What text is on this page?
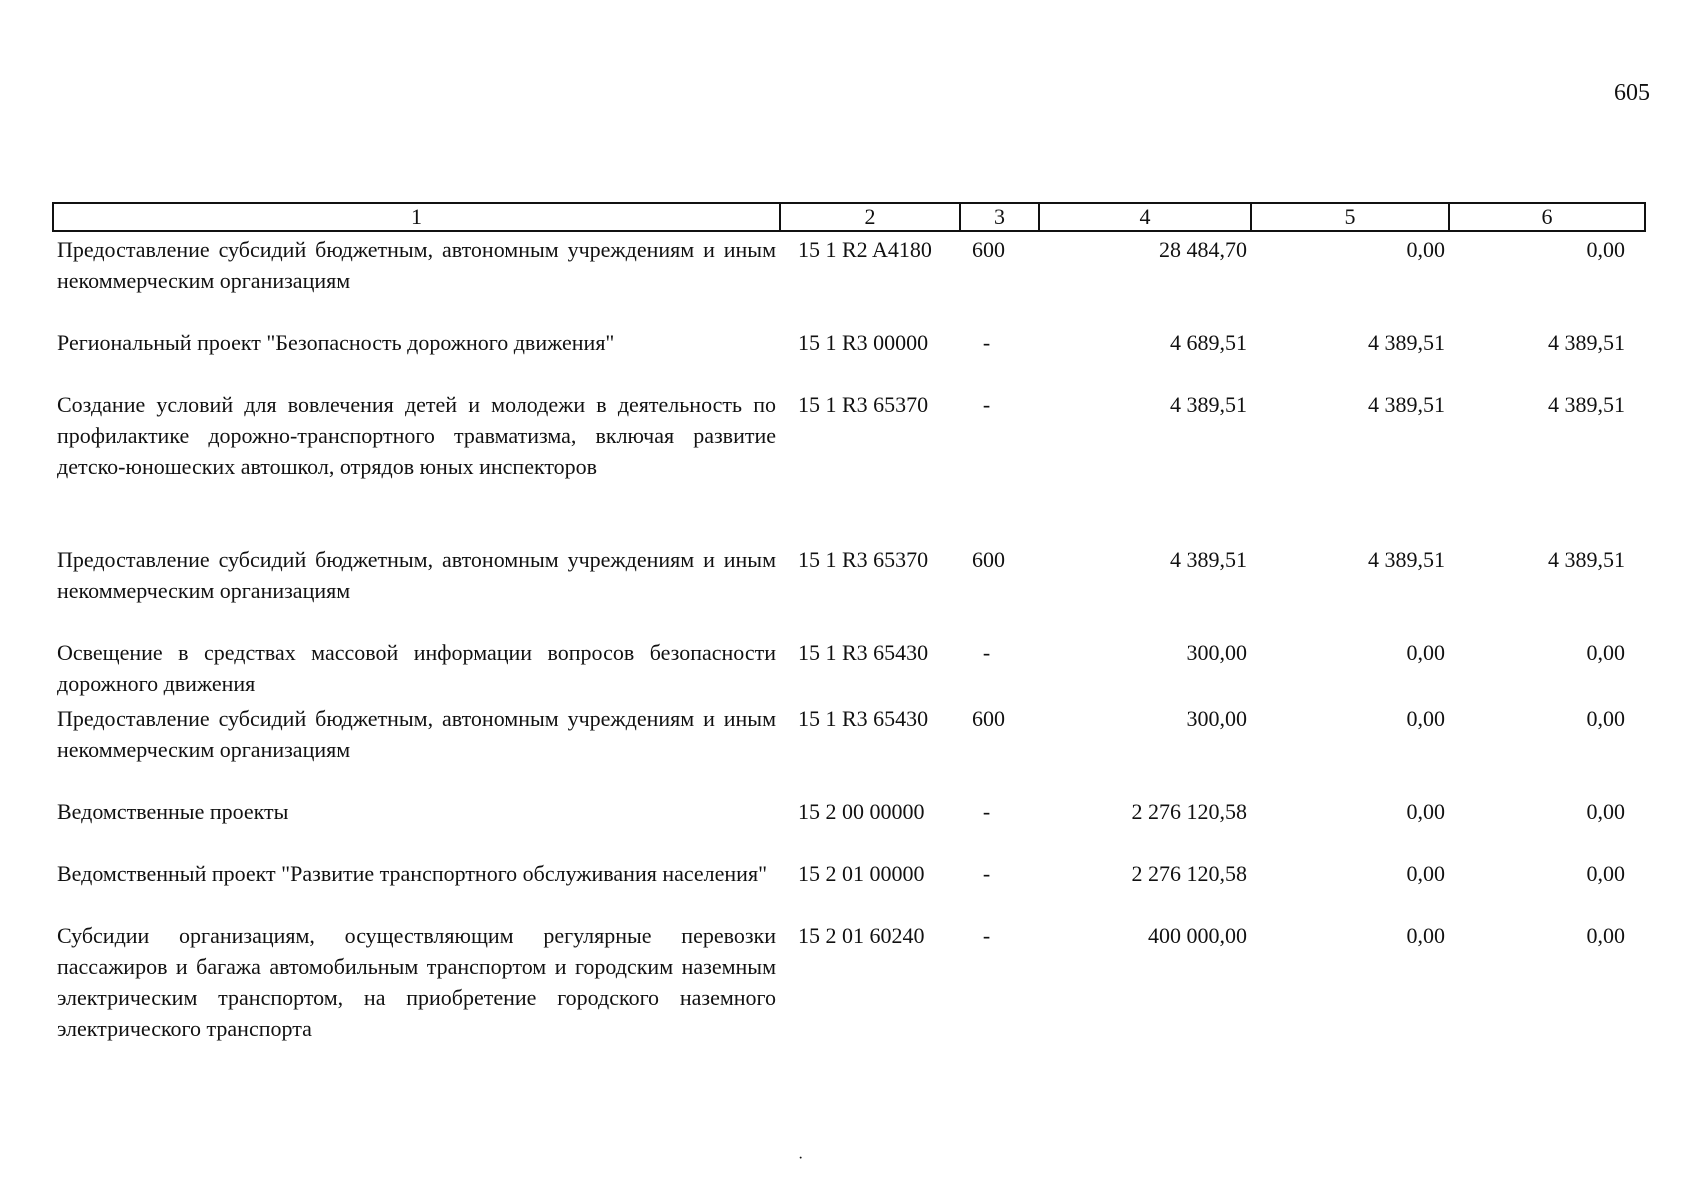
605
1	2	3	4	5	6
Предоставление субсидий бюджетным, автономным учреждениям и иным некоммерческим организациям	15 1 R2 A4180	600	28 484,70	0,00	0,00
Региональный проект "Безопасность дорожного движения"	15 1 R3 00000	-	4 689,51	4 389,51	4 389,51
Создание условий для вовлечения детей и молодежи в деятельность по профилактике дорожно-транспортного травматизма, включая развитие детско-юношеских автошкол, отрядов юных инспекторов	15 1 R3 65370	-	4 389,51	4 389,51	4 389,51
Предоставление субсидий бюджетным, автономным учреждениям и иным некоммерческим организациям	15 1 R3 65370	600	4 389,51	4 389,51	4 389,51
Освещение в средствах массовой информации вопросов безопасности дорожного движения	15 1 R3 65430	-	300,00	0,00	0,00
Предоставление субсидий бюджетным, автономным учреждениям и иным некоммерческим организациям	15 1 R3 65430	600	300,00	0,00	0,00
Ведомственные проекты	15 2 00 00000	-	2 276 120,58	0,00	0,00
Ведомственный проект "Развитие транспортного обслуживания населения"	15 2 01 00000	-	2 276 120,58	0,00	0,00
Субсидии организациям, осуществляющим регулярные перевозки пассажиров и багажа автомобильным транспортом и городским наземным электрическим транспортом, на приобретение городского наземного электрического транспорта	15 2 01 60240	-	400 000,00	0,00	0,00
·
